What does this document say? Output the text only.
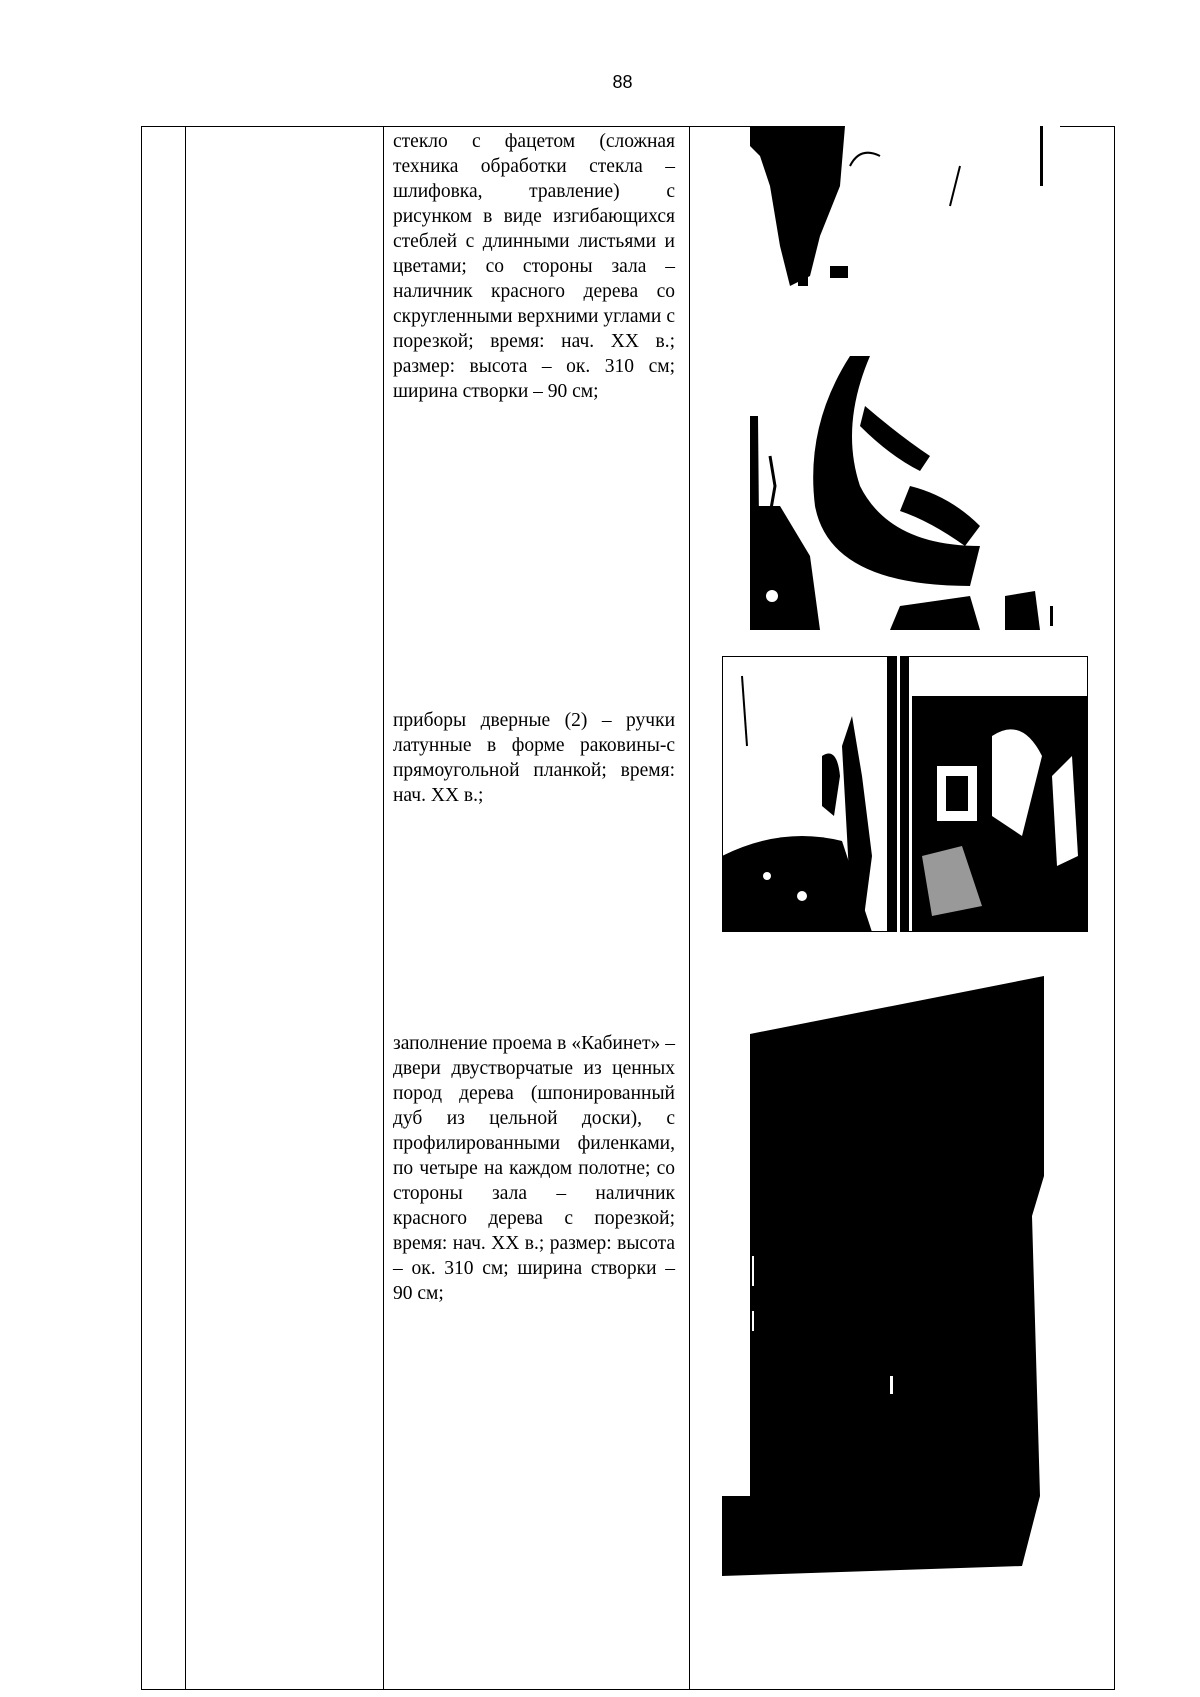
88
стекло с фацетом (сложная техника обработки стекла – шлифовка, травление) с рисунком в виде изгибающихся стеблей с длинными листьями и цветами; со стороны зала – наличник красного дерева со скругленными верхними углами с порезкой; время: нач. XX в.; размер: высота – ок. 310 см; ширина створки – 90 см;
приборы дверные (2) – ручки латунные в форме раковины-с прямоугольной планкой; время: нач. XX в.;
заполнение проема в «Кабинет» –двери двустворчатые из ценных пород дерева (шпонированный дуб из цельной доски), с профилированными филенками, по четыре на каждом полотне; со стороны зала – наличник красного дерева с порезкой; время: нач. XX в.; размер: высота – ок. 310 см; ширина створки – 90 см;
